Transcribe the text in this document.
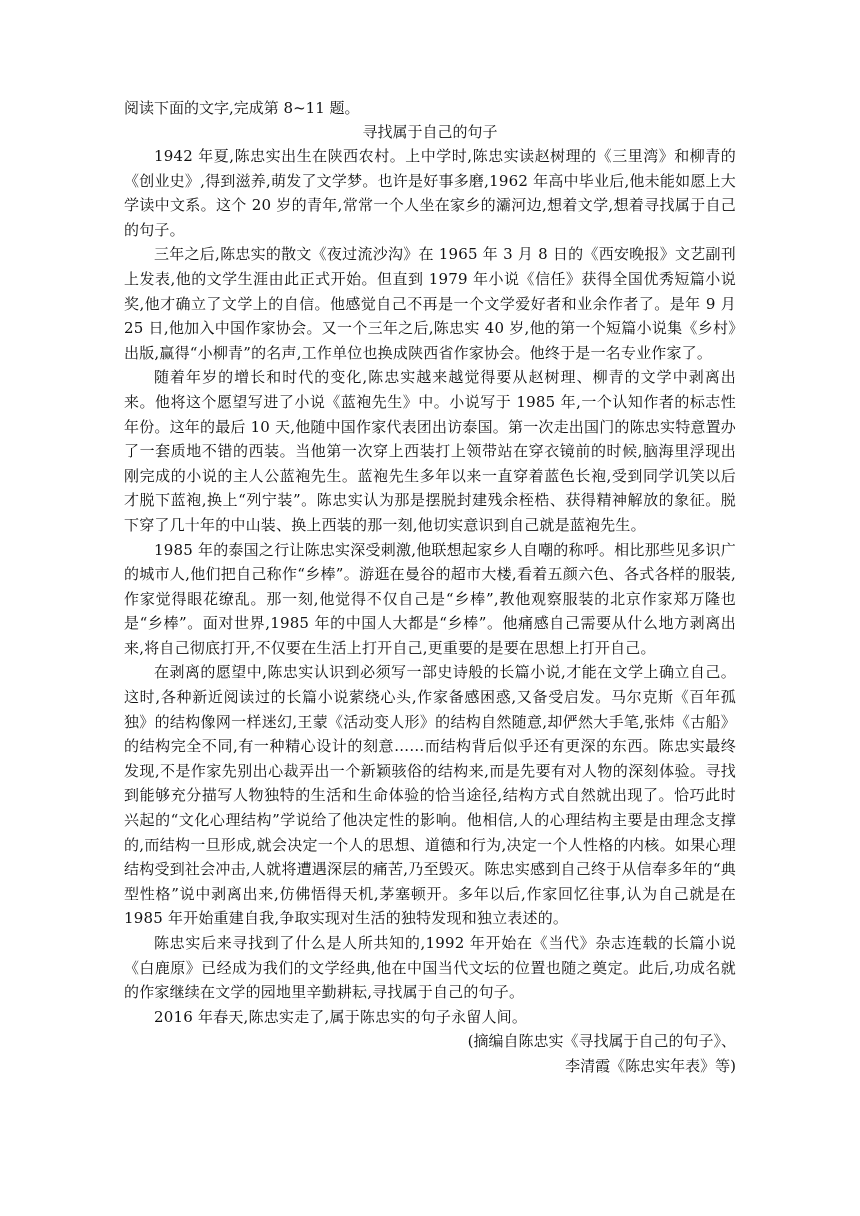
阅读下面的文字,完成第 8~11 题。

寻找属于自己的句子

1942 年夏,陈忠实出生在陕西农村。上中学时,陈忠实读赵树理的《三里湾》和柳青的《创业史》,得到滋养,萌发了文学梦。也许是好事多磨,1962 年高中毕业后,他未能如愿上大学读中文系。这个 20 岁的青年,常常一个人坐在家乡的灞河边,想着文学,想着寻找属于自己的句子。

三年之后,陈忠实的散文《夜过流沙沟》在 1965 年 3 月 8 日的《西安晚报》文艺副刊上发表,他的文学生涯由此正式开始。但直到 1979 年小说《信任》获得全国优秀短篇小说奖,他才确立了文学上的自信。他感觉自己不再是一个文学爱好者和业余作者了。是年 9 月 25 日,他加入中国作家协会。又一个三年之后,陈忠实 40 岁,他的第一个短篇小说集《乡村》出版,赢得“小柳青”的名声,工作单位也换成陕西省作家协会。他终于是一名专业作家了。

随着年岁的增长和时代的变化,陈忠实越来越觉得要从赵树理、柳青的文学中剥离出来。他将这个愿望写进了小说《蓝袍先生》中。小说写于 1985 年,一个认知作者的标志性年份。这年的最后 10 天,他随中国作家代表团出访泰国。第一次走出国门的陈忠实特意置办了一套质地不错的西装。当他第一次穿上西装打上领带站在穿衣镜前的时候,脑海里浮现出刚完成的小说的主人公蓝袍先生。蓝袍先生多年以来一直穿着蓝色长袍,受到同学讥笑以后才脱下蓝袍,换上“列宁装”。陈忠实认为那是摆脱封建残余桎梏、获得精神解放的象征。脱下穿了几十年的中山装、换上西装的那一刻,他切实意识到自己就是蓝袍先生。

1985 年的泰国之行让陈忠实深受刺激,他联想起家乡人自嘲的称呼。相比那些见多识广的城市人,他们把自己称作“乡棒”。游逛在曼谷的超市大楼,看着五颜六色、各式各样的服装,作家觉得眼花缭乱。那一刻,他觉得不仅自己是“乡棒”,教他观察服装的北京作家郑万隆也是“乡棒”。面对世界,1985 年的中国人大都是“乡棒”。他痛感自己需要从什么地方剥离出来,将自己彻底打开,不仅要在生活上打开自己,更重要的是要在思想上打开自己。

在剥离的愿望中,陈忠实认识到必须写一部史诗般的长篇小说,才能在文学上确立自己。这时,各种新近阅读过的长篇小说萦绕心头,作家备感困惑,又备受启发。马尔克斯《百年孤独》的结构像网一样迷幻,王蒙《活动变人形》的结构自然随意,却俨然大手笔,张炜《古船》的结构完全不同,有一种精心设计的刻意……而结构背后似乎还有更深的东西。陈忠实最终发现,不是作家先别出心裁弄出一个新颖骇俗的结构来,而是先要有对人物的深刻体验。寻找到能够充分描写人物独特的生活和生命体验的恰当途径,结构方式自然就出现了。恰巧此时兴起的“文化心理结构”学说给了他决定性的影响。他相信,人的心理结构主要是由理念支撑的,而结构一旦形成,就会决定一个人的思想、道德和行为,决定一个人性格的内核。如果心理结构受到社会冲击,人就将遭遇深层的痛苦,乃至毁灭。陈忠实感到自己终于从信奉多年的“典型性格”说中剥离出来,仿佛悟得天机,茅塞顿开。多年以后,作家回忆往事,认为自己就是在 1985 年开始重建自我,争取实现对生活的独特发现和独立表述的。

陈忠实后来寻找到了什么是人所共知的,1992 年开始在《当代》杂志连载的长篇小说《白鹿原》已经成为我们的文学经典,他在中国当代文坛的位置也随之奠定。此后,功成名就的作家继续在文学的园地里辛勤耕耘,寻找属于自己的句子。

2016 年春天,陈忠实走了,属于陈忠实的句子永留人间。

(摘编自陈忠实《寻找属于自己的句子》、
李清霞《陈忠实年表》等)
